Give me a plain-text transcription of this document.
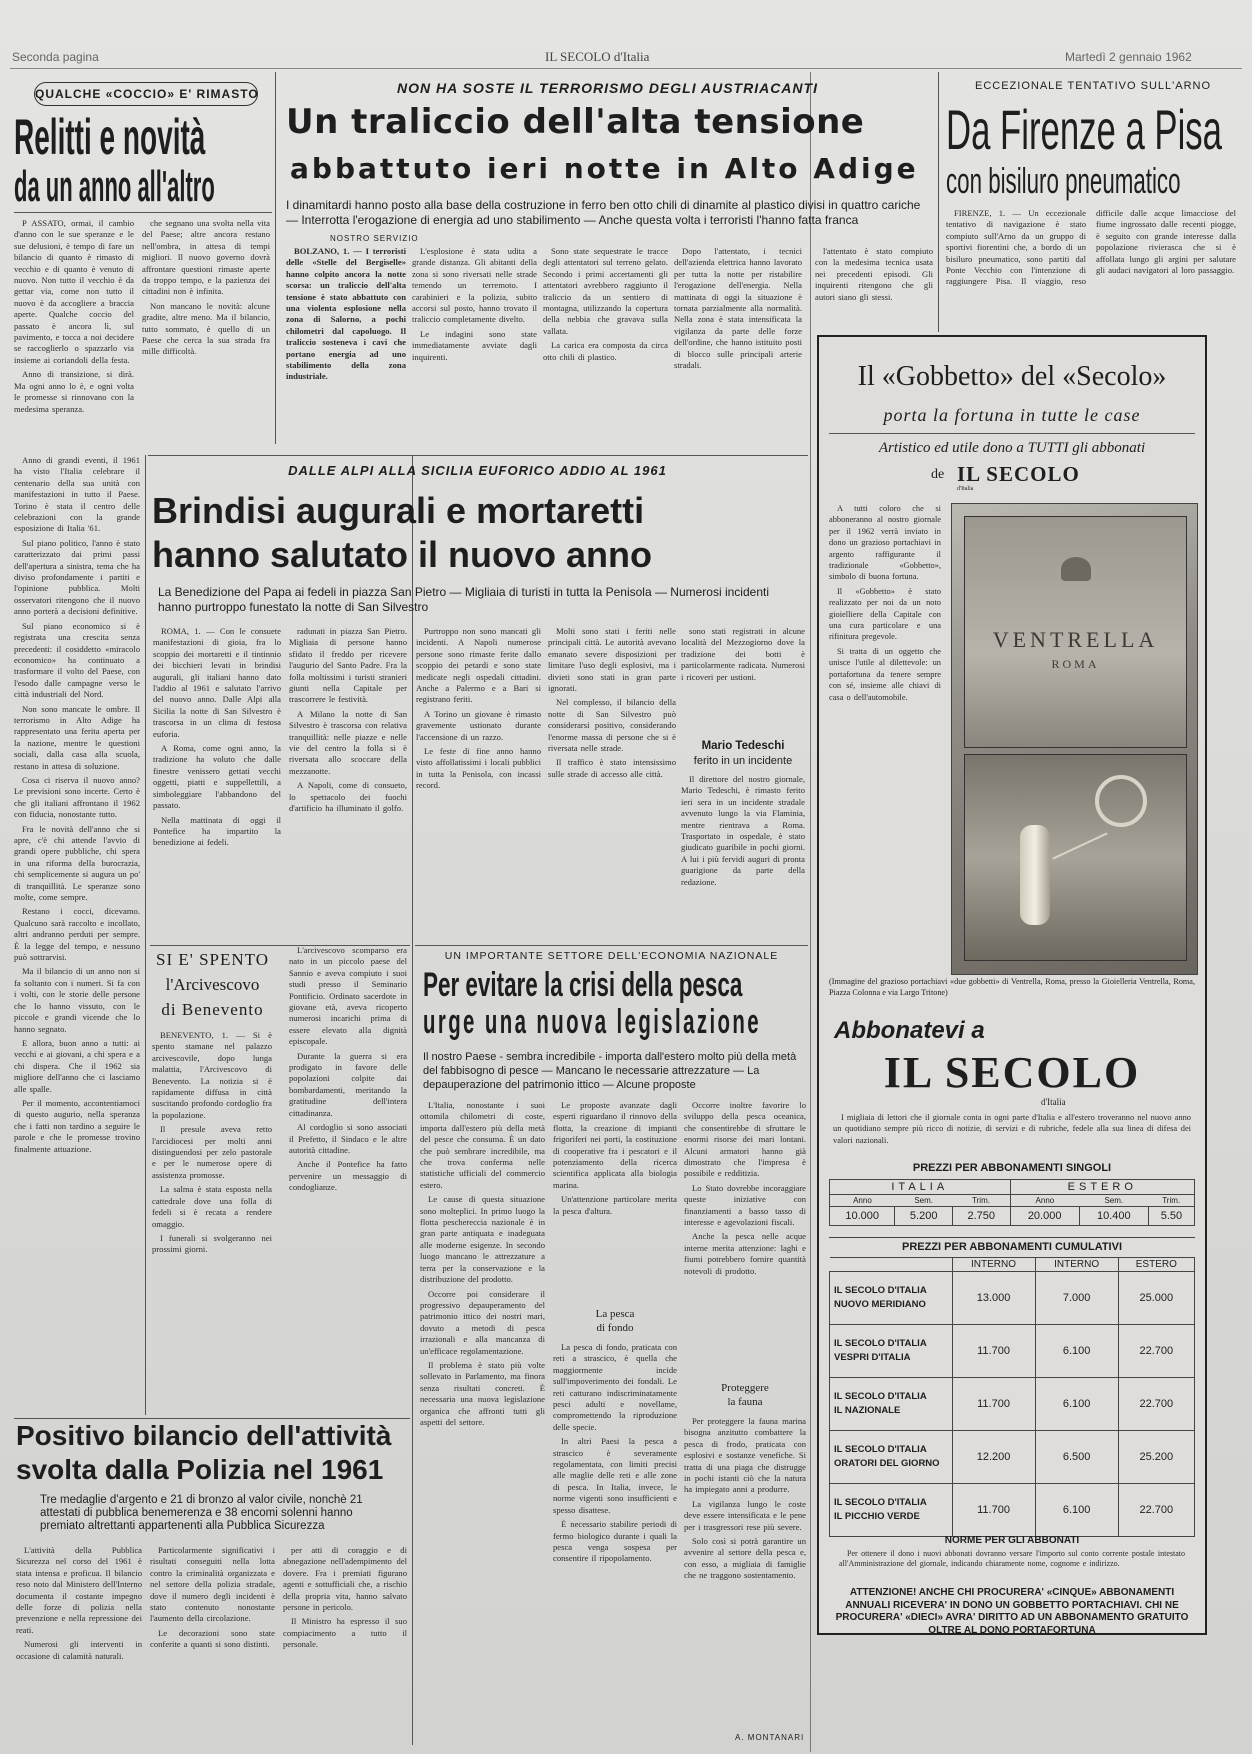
Seconda pagina	IL SECOLO d'Italia	Martedì 2 gennaio 1962
QUALCHE «COCCIO» E' RIMASTO
Relitti e novità
da un anno all'altro

P ASSATO, ormai, il cambio d'anno con le sue speranze e le sue delusioni, è tempo di fare un bilancio di quanto è rimasto di vecchio e di quanto è venuto di nuovo. Non tutto il vecchio è da gettar via, come non tutto il nuovo è da accogliere a braccia aperte. Qualche coccio del passato è ancora lì, sul pavimento, e tocca a noi decidere se raccoglierlo o spazzarlo via insieme ai coriandoli della festa.

Anno di transizione, si dirà. Ma ogni anno lo è, e ogni volta le promesse si rinnovano con la medesima speranza.

che segnano una svolta nella vita del Paese; altre ancora restano nell'ombra, in attesa di tempi migliori. Il nuovo governo dovrà affrontare questioni rimaste aperte da troppo tempo, e la pazienza dei cittadini non è infinita.

Non mancano le novità: alcune gradite, altre meno. Ma il bilancio, tutto sommato, è quello di un Paese che cerca la sua strada fra mille difficoltà.

NON HA SOSTE IL TERRORISMO DEGLI AUSTRIACANTI
Un traliccio dell'alta tensione
abbattuto ieri notte in Alto Adige
I dinamitardi hanno posto alla base della costruzione in ferro ben otto chili di dinamite al plastico divisi in quattro cariche — Interrotta l'erogazione di energia ad uno stabilimento — Anche questa volta i terroristi l'hanno fatta franca
NOSTRO SERVIZIO

BOLZANO, 1. — I terroristi delle «Stelle del Bergiselle» hanno colpito ancora la notte scorsa: un traliccio dell'alta tensione è stato abbattuto con una violenta esplosione nella zona di Salorno, a pochi chilometri dal capoluogo. Il traliccio sosteneva i cavi che portano energia ad uno stabilimento della zona industriale.

L'esplosione è stata udita a grande distanza. Gli abitanti della zona si sono riversati nelle strade temendo un terremoto. I carabinieri e la polizia, subito accorsi sul posto, hanno trovato il traliccio completamente divelto.

Le indagini sono state immediatamente avviate dagli inquirenti.

Sono state sequestrate le tracce degli attentatori sul terreno gelato. Secondo i primi accertamenti gli attentatori avrebbero raggiunto il traliccio da un sentiero di montagna, utilizzando la copertura della nebbia che gravava sulla vallata.

La carica era composta da circa otto chili di plastico.

Dopo l'attentato, i tecnici dell'azienda elettrica hanno lavorato per tutta la notte per ristabilire l'erogazione dell'energia. Nella mattinata di oggi la situazione è tornata parzialmente alla normalità. Nella zona è stata intensificata la vigilanza da parte delle forze dell'ordine, che hanno istituito posti di blocco sulle principali arterie stradali.

l'attentato è stato compiuto con la medesima tecnica usata nei precedenti episodi. Gli inquirenti ritengono che gli autori siano gli stessi.

ECCEZIONALE TENTATIVO SULL'ARNO
Da Firenze a Pisa
con bisiluro pneumatico

FIRENZE, 1. — Un eccezionale tentativo di navigazione è stato compiuto sull'Arno da un gruppo di sportivi fiorentini che, a bordo di un bisiluro pneumatico, sono partiti dal Ponte Vecchio con l'intenzione di raggiungere Pisa. Il viaggio, reso difficile dalle acque limacciose del fiume ingrossato dalle recenti piogge, è seguito con grande interesse dalla popolazione rivierasca che si è affollata lungo gli argini per salutare gli audaci navigatori al loro passaggio.

DALLE ALPI ALLA SICILIA EUFORICO ADDIO AL 1961
Brindisi augurali e mortaretti
hanno salutato il nuovo anno
La Benedizione del Papa ai fedeli in piazza San Pietro — Migliaia di turisti in tutta la Penisola — Numerosi incidenti hanno purtroppo funestato la notte di San Silvestro

ROMA, 1. — Con le consuete manifestazioni di gioia, fra lo scoppio dei mortaretti e il tintinnio dei bicchieri levati in brindisi augurali, gli italiani hanno dato l'addio al 1961 e salutato l'arrivo del nuovo anno. Dalle Alpi alla Sicilia la notte di San Silvestro è trascorsa in un clima di festosa euforia.

A Roma, come ogni anno, la tradizione ha voluto che dalle finestre venissero gettati vecchi oggetti, piatti e suppellettili, a simboleggiare l'abbandono del passato.

Nella mattinata di oggi il Pontefice ha impartito la benedizione ai fedeli.

radunati in piazza San Pietro. Migliaia di persone hanno sfidato il freddo per ricevere l'augurio del Santo Padre. Fra la folla moltissimi i turisti stranieri giunti nella Capitale per trascorrere le festività.

A Milano la notte di San Silvestro è trascorsa con relativa tranquillità: nelle piazze e nelle vie del centro la folla si è riversata allo scoccare della mezzanotte.

A Napoli, come di consueto, lo spettacolo dei fuochi d'artificio ha illuminato il golfo.

Purtroppo non sono mancati gli incidenti. A Napoli numerose persone sono rimaste ferite dallo scoppio dei petardi e sono state medicate negli ospedali cittadini. Anche a Palermo e a Bari si registrano feriti.

A Torino un giovane è rimasto gravemente ustionato durante l'accensione di un razzo.

Le feste di fine anno hanno visto affollatissimi i locali pubblici in tutta la Penisola, con incassi record.

Molti sono stati i feriti nelle principali città. Le autorità avevano emanato severe disposizioni per limitare l'uso degli esplosivi, ma i divieti sono stati in gran parte ignorati.

Nel complesso, il bilancio della notte di San Silvestro può considerarsi positivo, considerando l'enorme massa di persone che si è riversata nelle strade.

Il traffico è stato intensissimo sulle strade di accesso alle città.

sono stati registrati in alcune località del Mezzogiorno dove la tradizione dei botti è particolarmente radicata. Numerosi i ricoveri per ustioni.

Mario Tedeschi
ferito in un incidente

Il direttore del nostro giornale, Mario Tedeschi, è rimasto ferito ieri sera in un incidente stradale avvenuto lungo la via Flaminia, mentre rientrava a Roma. Trasportato in ospedale, è stato giudicato guaribile in pochi giorni. A lui i più fervidi auguri di pronta guarigione da parte della redazione.

Anno di grandi eventi, il 1961 ha visto l'Italia celebrare il centenario della sua unità con manifestazioni in tutto il Paese. Torino è stata il centro delle celebrazioni con la grande esposizione di Italia '61.

Sul piano politico, l'anno è stato caratterizzato dai primi passi dell'apertura a sinistra, tema che ha diviso profondamente i partiti e l'opinione pubblica. Molti osservatori ritengono che il nuovo anno porterà a decisioni definitive.

Sul piano economico si è registrata una crescita senza precedenti: il cosiddetto «miracolo economico» ha continuato a trasformare il volto del Paese, con l'esodo dalle campagne verso le città industriali del Nord.

Non sono mancate le ombre. Il terrorismo in Alto Adige ha rappresentato una ferita aperta per la nazione, mentre le questioni sociali, dalla casa alla scuola, restano in attesa di soluzione.

Cosa ci riserva il nuovo anno? Le previsioni sono incerte. Certo è che gli italiani affrontano il 1962 con fiducia, nonostante tutto.

Fra le novità dell'anno che si apre, c'è chi attende l'avvio di grandi opere pubbliche, chi spera in una riforma della burocrazia, chi semplicemente si augura un po' di tranquillità. Le speranze sono molte, come sempre.

Restano i cocci, dicevamo. Qualcuno sarà raccolto e incollato, altri andranno perduti per sempre. È la legge del tempo, e nessuno può sottrarvisi.

Ma il bilancio di un anno non si fa soltanto con i numeri. Si fa con i volti, con le storie delle persone che lo hanno vissuto, con le piccole e grandi vicende che lo hanno segnato.

E allora, buon anno a tutti: ai vecchi e ai giovani, a chi spera e a chi dispera. Che il 1962 sia migliore dell'anno che ci lasciamo alle spalle.

Per il momento, accontentiamoci di questo augurio, nella speranza che i fatti non tardino a seguire le parole e che le promesse trovino finalmente attuazione.

SI E' SPENTO
l'Arcivescovo
di Benevento

BENEVENTO, 1. — Si è spento stamane nel palazzo arcivescovile, dopo lunga malattia, l'Arcivescovo di Benevento. La notizia si è rapidamente diffusa in città suscitando profondo cordoglio fra la popolazione.

Il presule aveva retto l'arcidiocesi per molti anni distinguendosi per zelo pastorale e per le numerose opere di assistenza promosse.

La salma è stata esposta nella cattedrale dove una folla di fedeli si è recata a rendere omaggio.

I funerali si svolgeranno nei prossimi giorni.

L'arcivescovo scomparso era nato in un piccolo paese del Sannio e aveva compiuto i suoi studi presso il Seminario Pontificio. Ordinato sacerdote in giovane età, aveva ricoperto numerosi incarichi prima di essere elevato alla dignità episcopale.

Durante la guerra si era prodigato in favore delle popolazioni colpite dai bombardamenti, meritando la gratitudine dell'intera cittadinanza.

Al cordoglio si sono associati il Prefetto, il Sindaco e le altre autorità cittadine.

Anche il Pontefice ha fatto pervenire un messaggio di condoglianze.

Positivo bilancio dell'attività
svolta dalla Polizia nel 1961
Tre medaglie d'argento e 21 di bronzo al valor civile, nonchè 21 attestati di pubblica benemerenza e 38 encomi solenni hanno premiato altrettanti appartenenti alla Pubblica Sicurezza

L'attività della Pubblica Sicurezza nel corso del 1961 è stata intensa e proficua. Il bilancio reso noto dal Ministero dell'Interno documenta il costante impegno delle forze di polizia nella prevenzione e nella repressione dei reati.

Numerosi gli interventi in occasione di calamità naturali.

Particolarmente significativi i risultati conseguiti nella lotta contro la criminalità organizzata e nel settore della polizia stradale, dove il numero degli incidenti è stato contenuto nonostante l'aumento della circolazione.

Le decorazioni sono state conferite a quanti si sono distinti.

per atti di coraggio e di abnegazione nell'adempimento del dovere. Fra i premiati figurano agenti e sottufficiali che, a rischio della propria vita, hanno salvato persone in pericolo.

Il Ministro ha espresso il suo compiacimento a tutto il personale.

UN IMPORTANTE SETTORE DELL'ECONOMIA NAZIONALE
Per evitare la crisi della pesca
urge una nuova legislazione
Il nostro Paese - sembra incredibile - importa dall'estero molto più della metà del fabbisogno di pesce — Mancano le necessarie attrezzature — La depauperazione del patrimonio ittico — Alcune proposte

L'Italia, nonostante i suoi ottomila chilometri di coste, importa dall'estero più della metà del pesce che consuma. È un dato che può sembrare incredibile, ma che trova conferma nelle statistiche ufficiali del commercio estero.

Le cause di questa situazione sono molteplici. In primo luogo la flotta peschereccia nazionale è in gran parte antiquata e inadeguata alle moderne esigenze. In secondo luogo mancano le attrezzature a terra per la conservazione e la distribuzione del prodotto.

Occorre poi considerare il progressivo depauperamento del patrimonio ittico dei nostri mari, dovuto a metodi di pesca irrazionali e alla mancanza di un'efficace regolamentazione.

Il problema è stato più volte sollevato in Parlamento, ma finora senza risultati concreti. È necessaria una nuova legislazione organica che affronti tutti gli aspetti del settore.

Le proposte avanzate dagli esperti riguardano il rinnovo della flotta, la creazione di impianti frigoriferi nei porti, la costituzione di cooperative fra i pescatori e il potenziamento della ricerca scientifica applicata alla biologia marina.

Un'attenzione particolare merita la pesca d'altura.

La pesca
di fondo

La pesca di fondo, praticata con reti a strascico, è quella che maggiormente incide sull'impoverimento dei fondali. Le reti catturano indiscriminatamente pesci adulti e novellame, compromettendo la riproduzione delle specie.

In altri Paesi la pesca a strascico è severamente regolamentata, con limiti precisi alle maglie delle reti e alle zone di pesca. In Italia, invece, le norme vigenti sono insufficienti e spesso disattese.

È necessario stabilire periodi di fermo biologico durante i quali la pesca venga sospesa per consentire il ripopolamento.

Occorre inoltre favorire lo sviluppo della pesca oceanica, che consentirebbe di sfruttare le enormi risorse dei mari lontani. Alcuni armatori hanno già dimostrato che l'impresa è possibile e redditizia.

Lo Stato dovrebbe incoraggiare queste iniziative con finanziamenti a basso tasso di interesse e agevolazioni fiscali.

Anche la pesca nelle acque interne merita attenzione: laghi e fiumi potrebbero fornire quantità notevoli di prodotto.

Proteggere
la fauna

Per proteggere la fauna marina bisogna anzitutto combattere la pesca di frodo, praticata con esplosivi e sostanze venefiche. Si tratta di una piaga che distrugge in pochi istanti ciò che la natura ha impiegato anni a produrre.

La vigilanza lungo le coste deve essere intensificata e le pene per i trasgressori rese più severe.

Solo così si potrà garantire un avvenire al settore della pesca e, con esso, a migliaia di famiglie che ne traggono sostentamento.

A. MONTANARI
Il «Gobbetto» del «Secolo»
porta la fortuna in tutte le case
Artistico ed utile dono a TUTTI gli abbonati
de IL SECOLO
d'Italia

A tutti coloro che si abboneranno al nostro giornale per il 1962 verrà inviato in dono un grazioso portachiavi in argento raffigurante il tradizionale «Gobbetto», simbolo di buona fortuna.

Il «Gobbetto» è stato realizzato per noi da un noto gioielliere della Capitale con una cura particolare e una rifinitura pregevole.

Si tratta di un oggetto che unisce l'utile al dilettevole: un portafortuna da tenere sempre con sé, insieme alle chiavi di casa o dell'automobile.

VENTRELLA
ROMA
(Immagine del grazioso portachiavi «due gobbetti» di Ventrella, Roma, presso la Gioielleria Ventrella, Roma, Piazza Colonna e via Largo Tritone)
Abbonatevi a
IL SECOLO
d'Italia

I migliaia di lettori che il giornale conta in ogni parte d'Italia e all'estero troveranno nel nuovo anno un quotidiano sempre più ricco di notizie, di servizi e di rubriche, fedele alla sua linea di difesa dei valori nazionali.

PREZZI PER ABBONAMENTI SINGOLI
ITALIA			ESTERO		
Anno	Sem.	Trim.	Anno	Sem.	Trim.
10.000	5.200	2.750	20.000	10.400	5.50
PREZZI PER ABBONAMENTI CUMULATIVI
	INTERNO	INTERNO	ESTERO

IL SECOLO D'ITALIA
NUOVO MERIDIANO	13.000	7.000	25.000

IL SECOLO D'ITALIA
VESPRI D'ITALIA	11.700	6.100	22.700

IL SECOLO D'ITALIA
IL NAZIONALE	11.700	6.100	22.700

IL SECOLO D'ITALIA
ORATORI DEL GIORNO	12.200	6.500	25.200

IL SECOLO D'ITALIA
IL PICCHIO VERDE	11.700	6.100	22.700
NORME PER GLI ABBONATI

Per ottenere il dono i nuovi abbonati dovranno versare l'importo sul conto corrente postale intestato all'Amministrazione del giornale, indicando chiaramente nome, cognome e indirizzo.

ATTENZIONE! ANCHE CHI PROCURERA' «CINQUE» ABBONAMENTI ANNUALI RICEVERA' IN DONO UN GOBBETTO PORTACHIAVI. CHI NE PROCURERA' «DIECI» AVRA' DIRITTO AD UN ABBONAMENTO GRATUITO OLTRE AL DONO PORTAFORTUNA
